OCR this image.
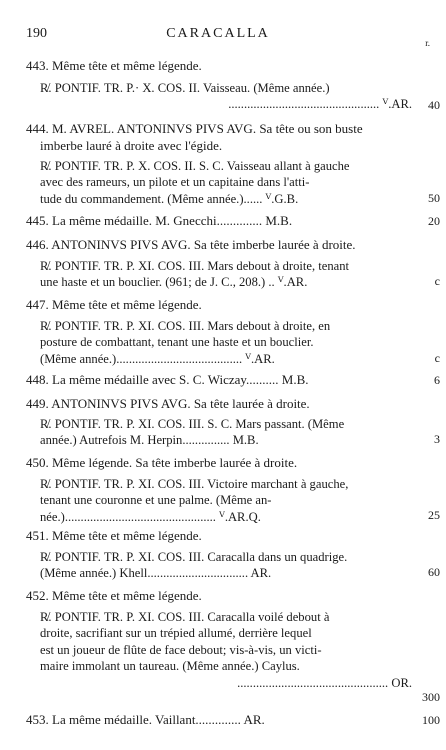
190	CARACALLA
r.
443. Même tête et même légende.
R̸. PONTIF. TR. P.· X. COS. II. Vaisseau. (Même année.)
................................................ ⱽ.AR. 40
444. M. AVREL. ANTONINVS PIVS AVG. Sa tête ou son buste
imberbe lauré à droite avec l'égide.
R̸. PONTIF. TR. P. X. COS. II. S. C. Vaisseau allant à gauche
avec des rameurs, un pilote et un capitaine dans l'atti-
tude du commandement. (Même année.)...... ⱽ.G.B.	50
445. La même médaille. M. Gnecchi.............. M.B.	20
446. ANTONINVS PIVS AVG. Sa tête imberbe laurée à droite.
R̸. PONTIF. TR. P. XI. COS. III. Mars debout à droite, tenant
une haste et un bouclier. (961; de J. C., 208.) .. ⱽ.AR.	c
447. Même tête et même légende.
R̸. PONTIF. TR. P. XI. COS. III. Mars debout à droite, en
posture de combattant, tenant une haste et un bouclier.
(Même année.)........................................ ⱽ.AR.	c
448. La même médaille avec S. C. Wiczay.......... M.B.	6
449. ANTONINVS PIVS AVG. Sa tête laurée à droite.
R̸. PONTIF. TR. P. XI. COS. III. S. C. Mars passant. (Même
année.) Autrefois M. Herpin............... M.B.	3
450. Même légende. Sa tête imberbe laurée à droite.
R̸. PONTIF. TR. P. XI. COS. III. Victoire marchant à gauche,
tenant une couronne et une palme. (Même an-
née.)................................................ ⱽ.AR.Q.	25
451. Même tête et même légende.
R̸. PONTIF. TR. P. XI. COS. III. Caracalla dans un quadrige.
(Même année.) Khell................................ AR.	60
452. Même tête et même légende.
R̸. PONTIF. TR. P. XI. COS. III. Caracalla voilé debout à
droite, sacrifiant sur un trépied allumé, derrière lequel
est un joueur de flûte de face debout; vis-à-vis, un victi-
maire immolant un taureau. (Même année.) Caylus.
................................................ OR.
300
453. La même médaille. Vaillant.............. AR.	100
